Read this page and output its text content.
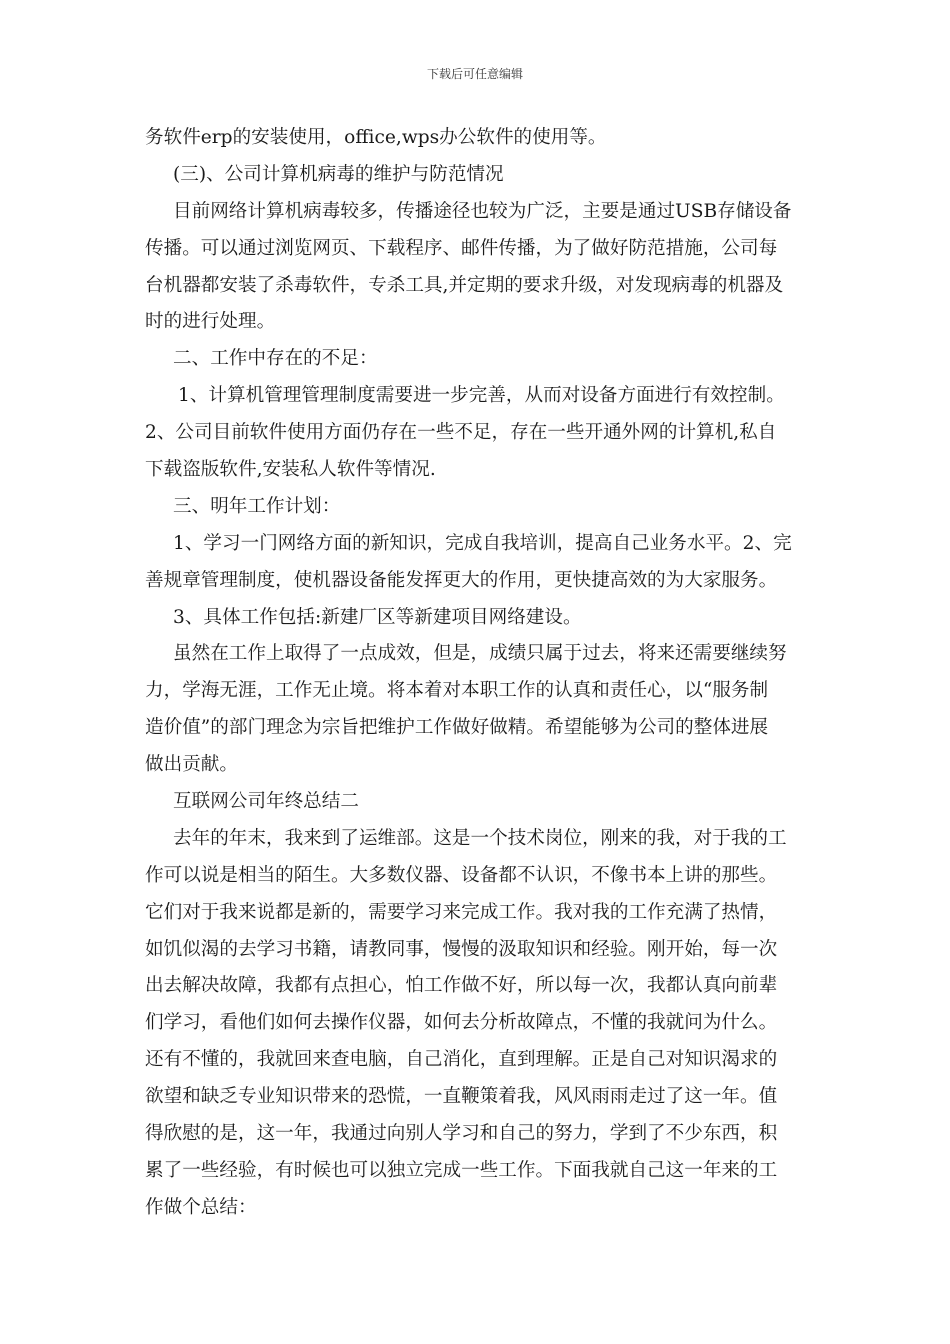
下载后可任意编辑
务软件erp的安装使用，office,wps办公软件的使用等。
(三)、公司计算机病毒的维护与防范情况
目前网络计算机病毒较多，传播途径也较为广泛，主要是通过USB存储设备
传播。可以通过浏览网页、下载程序、邮件传播，为了做好防范措施，公司每
台机器都安装了杀毒软件，专杀工具,并定期的要求升级，对发现病毒的机器及
时的进行处理。
二、工作中存在的不足：
1、计算机管理管理制度需要进一步完善，从而对设备方面进行有效控制。
2、公司目前软件使用方面仍存在一些不足，存在一些开通外网的计算机,私自
下载盗版软件,安装私人软件等情况.
三、明年工作计划：
1、学习一门网络方面的新知识，完成自我培训，提高自己业务水平。2、完
善规章管理制度，使机器设备能发挥更大的作用，更快捷高效的为大家服务。
3、具体工作包括:新建厂区等新建项目网络建设。
虽然在工作上取得了一点成效，但是，成绩只属于过去，将来还需要继续努
力，学海无涯，工作无止境。将本着对本职工作的认真和责任心，以“服务制
造价值”的部门理念为宗旨把维护工作做好做精。希望能够为公司的整体进展
做出贡献。
互联网公司年终总结二
去年的年末，我来到了运维部。这是一个技术岗位，刚来的我，对于我的工
作可以说是相当的陌生。大多数仪器、设备都不认识，不像书本上讲的那些。
它们对于我来说都是新的，需要学习来完成工作。我对我的工作充满了热情，
如饥似渴的去学习书籍，请教同事，慢慢的汲取知识和经验。刚开始，每一次
出去解决故障，我都有点担心，怕工作做不好，所以每一次，我都认真向前辈
们学习，看他们如何去操作仪器，如何去分析故障点，不懂的我就问为什么。
还有不懂的，我就回来查电脑，自己消化，直到理解。正是自己对知识渴求的
欲望和缺乏专业知识带来的恐慌，一直鞭策着我，风风雨雨走过了这一年。值
得欣慰的是，这一年，我通过向别人学习和自己的努力，学到了不少东西，积
累了一些经验，有时候也可以独立完成一些工作。下面我就自己这一年来的工
作做个总结：
